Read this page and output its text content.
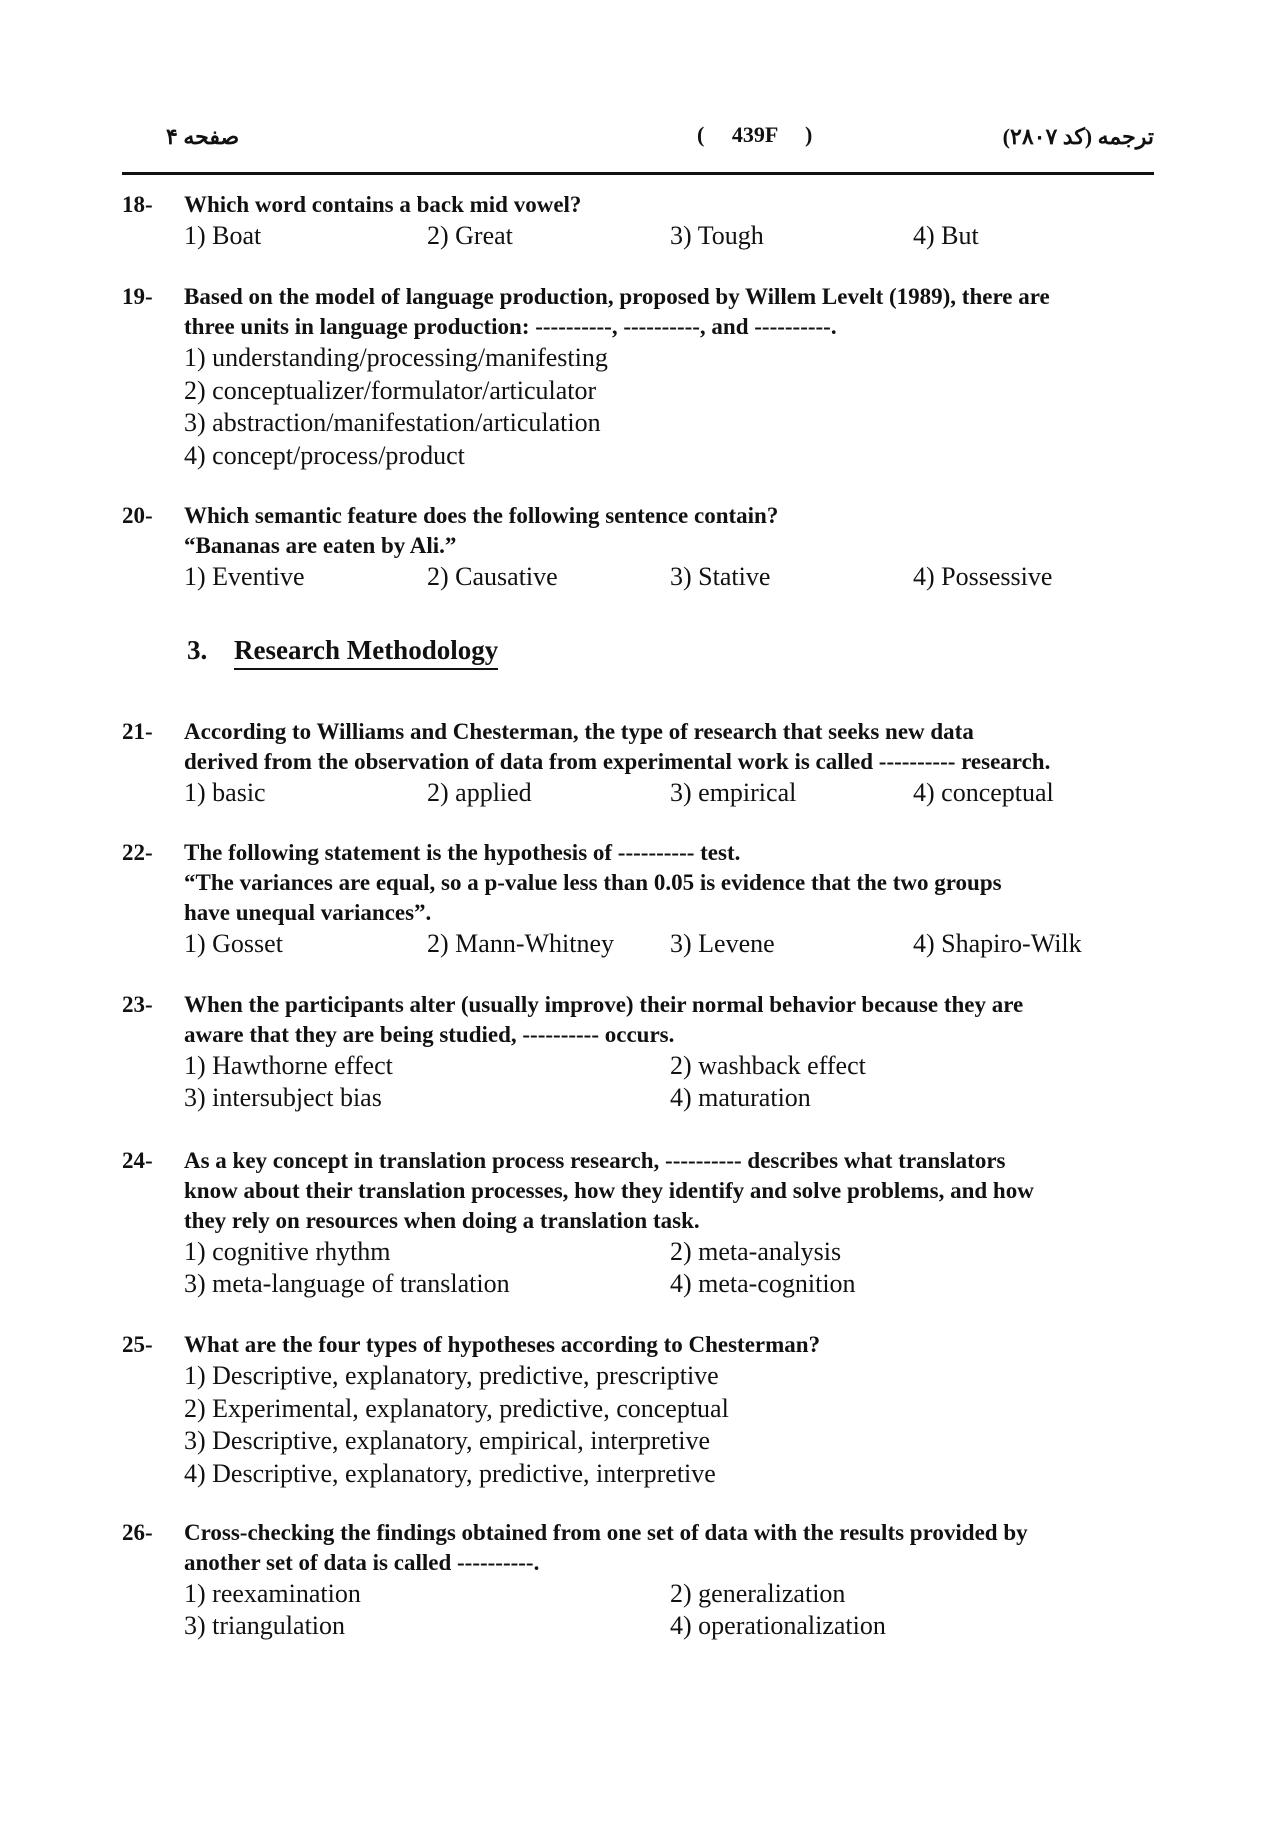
صفحه ۴	(     439F     )	ترجمه (کد ۲۸۰۷)
18- Which word contains a back mid vowel?
1) Boat	2) Great	3) Tough	4) But
19- Based on the model of language production, proposed by Willem Levelt (1989), there are
three units in language production: ----------, ----------, and ----------.
1) understanding/processing/manifesting
2) conceptualizer/formulator/articulator
3) abstraction/manifestation/articulation
4) concept/process/product
20- Which semantic feature does the following sentence contain?
“Bananas are eaten by Ali.”
1) Eventive	2) Causative	3) Stative	4) Possessive
3. Research Methodology
21- According to Williams and Chesterman, the type of research that seeks new data
derived from the observation of data from experimental work is called ---------- research.
1) basic	2) applied	3) empirical	4) conceptual
22- The following statement is the hypothesis of ---------- test.
“The variances are equal, so a p-value less than 0.05 is evidence that the two groups
have unequal variances”.
1) Gosset	2) Mann-Whitney	3) Levene	4) Shapiro-Wilk
23- When the participants alter (usually improve) their normal behavior because they are
aware that they are being studied, ---------- occurs.
1) Hawthorne effect	2) washback effect
3) intersubject bias	4) maturation
24- As a key concept in translation process research, ---------- describes what translators
know about their translation processes, how they identify and solve problems, and how
they rely on resources when doing a translation task.
1) cognitive rhythm	2) meta-analysis
3) meta-language of translation	4) meta-cognition
25- What are the four types of hypotheses according to Chesterman?
1) Descriptive, explanatory, predictive, prescriptive
2) Experimental, explanatory, predictive, conceptual
3) Descriptive, explanatory, empirical, interpretive
4) Descriptive, explanatory, predictive, interpretive
26- Cross-checking the findings obtained from one set of data with the results provided by
another set of data is called ----------.
1) reexamination	2) generalization
3) triangulation	4) operationalization
